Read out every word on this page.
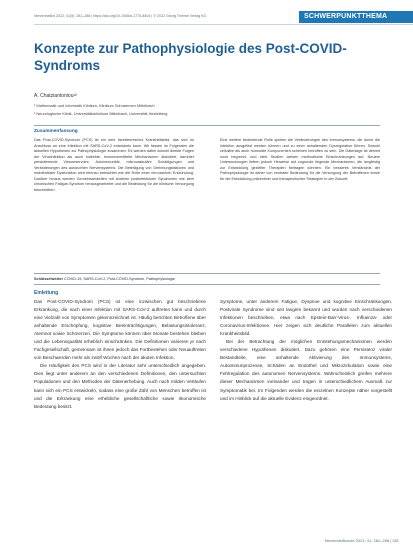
Nervenheilkd 2022; 41(5): 281–288 | https://doi.org/10.1055/a-1770-8404 | © 2022 Georg Thieme Verlag KG	SCHWERPUNKTTHEMA
Konzepte zur Pathophysiologie des Post-COVID-Syndroms
A. Chatziantoniou¹²
¹ Mathematik und Informatik Kliniken, Klinikum Schrammen Mittelbach
² Neurologische Klinik, Universitätsklinikum Mittelbach, Universität Heidelberg
Zusammenfassung

Das Post-COVID-Syndrom (PCS) ist ein sehr facettenreiches Krankheitsbild, das sich im Anschluss an eine Infektion mit SARS-CoV-2 entwickeln kann. Wir fassen im Folgenden die aktuellen Hypothesen zur Pathophysiologie zusammen. Es werden dabei sowohl direkte Folgen der Virusinfektion als auch indirekte, immunvermittelte Mechanismen diskutiert, darunter persistierende Virusreservoire, Autoimmunität, mikrovaskuläre Schädigungen und Veränderungen des autonomen Nervensystems. Die Beteiligung von Gerinnungsfaktoren und endothelialer Dysfunktion wird ebenso betrachtet wie die Rolle einer chronischen Entzündung. Darüber hinaus werden Gemeinsamkeiten mit anderen postinfektiösen Syndromen wie dem chronischen Fatigue-Syndrom herausgearbeitet und die Bedeutung für die klinische Versorgung beschrieben.

Eine weitere bedeutende Rolle spielen die Veränderungen des Immunsystems, die durch die Infektion ausgelöst werden können und zu einer anhaltenden Dysregulation führen. Sowohl zelluläre als auch humorale Komponenten scheinen betroffen zu sein. Die Datenlage ist derzeit noch begrenzt, und viele Studien weisen methodische Einschränkungen auf. Neuere Untersuchungen liefern jedoch Hinweise auf zugrunde liegende Mechanismen, die langfristig zur Entwicklung gezielter Therapien beitragen könnten. Ein besseres Verständnis der Pathophysiologie ist daher von zentraler Bedeutung für die Versorgung der Betroffenen sowie für die Entwicklung präventiver und therapeutischer Strategien in der Zukunft.

Schlüsselwörter COVID-19, SARS-CoV-2, Post-COVID-Syndrom, Pathophysiologie
Einleitung

Das Post-COVID-Syndrom (PCS) ist eine inzwischen gut beschriebene Erkrankung, die nach einer Infektion mit SARS-CoV-2 auftreten kann und durch eine Vielzahl von Symptomen gekennzeichnet ist. Häufig berichten Betroffene über anhaltende Erschöpfung, kognitive Beeinträchtigungen, Belastungsintoleranz, Atemnot sowie Schmerzen. Die Symptome können über Monate bestehen bleiben und die Lebensqualität erheblich einschränken. Die Definitionen variieren je nach Fachgesellschaft, gemeinsam ist ihnen jedoch das Fortbestehen oder Neuauftreten von Beschwerden mehr als zwölf Wochen nach der akuten Infektion.

Die Häufigkeit des PCS wird in der Literatur sehr unterschiedlich angegeben. Dies liegt unter anderem an den verschiedenen Definitionen, den untersuchten Populationen und den Methoden der Datenerhebung. Auch nach milden Verläufen kann sich ein PCS entwickeln, sodass eine große Zahl von Menschen betroffen ist und die Erkrankung eine erhebliche gesellschaftliche sowie ökonomische Bedeutung besitzt.

Symptome, unter anderem Fatigue, Dyspnoe und kognitive Einschränkungen. Postvirale Syndrome sind seit langem bekannt und wurden nach verschiedenen Infektionen beschrieben, etwa nach Epstein-Barr-Virus-, Influenza- oder Coronavirus-Infektionen. Hier zeigen sich deutliche Parallelen zum aktuellen Krankheitsbild.

Bei der Betrachtung der möglichen Entstehungsmechanismen werden verschiedene Hypothesen diskutiert. Dazu gehören eine Persistenz viraler Bestandteile, eine anhaltende Aktivierung des Immunsystems, Autoimmunprozesse, Schäden an Endothel und Mikrozirkulation sowie eine Fehlregulation des autonomen Nervensystems. Wahrscheinlich greifen mehrere dieser Mechanismen ineinander und tragen in unterschiedlichem Ausmaß zur Symptomatik bei. Im Folgenden werden die einzelnen Konzepte näher vorgestellt und im Hinblick auf die aktuelle Evidenz eingeordnet.

Nervenheilkunde 2022; 41: 281–288 | 281
